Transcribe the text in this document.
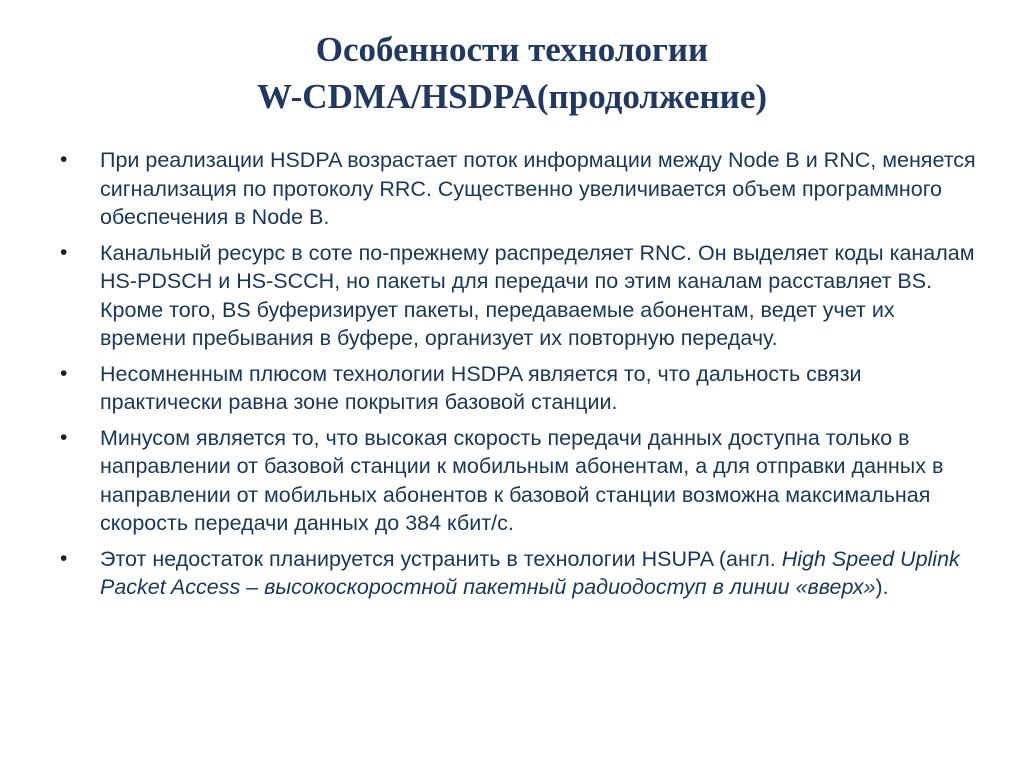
Особенности технологии
W-CDMA/HSDPA(продолжение)
•	При реализации HSDPA возрастает поток информации между Node B и RNC, меняется сигнализация по протоколу RRC. Существенно увеличивается объем программного обеспечения в Node B.
•	Канальный ресурс в соте по-прежнему распределяет RNC. Он выделяет коды каналам HS-PDSCH и HS-SCCH, но пакеты для передачи по этим каналам расставляет BS. Кроме того, BS буферизирует пакеты, передаваемые абонентам, ведет учет их времени пребывания в буфере, организует их повторную передачу.
•	Несомненным плюсом технологии HSDPA является то, что дальность связи практически равна зоне покрытия базовой станции.
•	Минусом является то, что высокая скорость передачи данных доступна только в направлении от базовой станции к мобильным абонентам, а для отправки данных в направлении от мобильных абонентов к базовой станции возможна максимальная скорость передачи данных до 384 кбит/с.
•	Этот недостаток планируется устранить в технологии HSUPA (англ. High Speed Uplink Packet Access – высокоскоростной пакетный радиодоступ в линии «вверх»).
